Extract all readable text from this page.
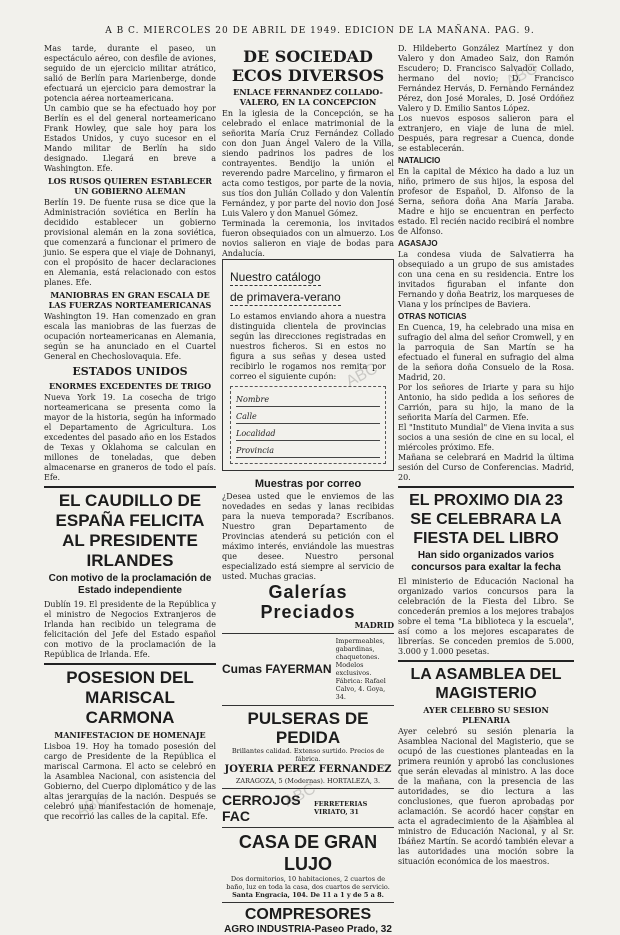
A B C. MIERCOLES 20 DE ABRIL DE 1949. EDICION DE LA MAÑANA. PAG. 9.

Mas tarde, durante el paseo, un espectáculo aéreo, con desfile de aviones, seguido de un ejercicio militar atrático, salió de Berlín para Marienberge, donde efectuará un ejercicio para demostrar la potencia aérea norteamericana.

Un cambio que se ha efectuado hoy por Berlín es el del general norteamericano Frank Howley, que sale hoy para los Estados Unidos, y cuyo sucesor en el Mando militar de Berlín ha sido designado. Llegará en breve a Washington. Efe.

LOS RUSOS QUIEREN ESTABLECER UN GOBIERNO ALEMAN

Berlín 19. De fuente rusa se dice que la Administración soviética en Berlín ha decidido establecer un gobierno provisional alemán en la zona soviética, que comenzará a funcionar el primero de junio. Se espera que el viaje de Dohnanyi, con el propósito de hacer declaraciones en Alemania, está relacionado con estos planes. Efe.

MANIOBRAS EN GRAN ESCALA DE LAS FUERZAS NORTEAMERICANAS

Washington 19. Han comenzado en gran escala las maniobras de las fuerzas de ocupación norteamericanas en Alemania, según se ha anunciado en el Cuartel General en Chechoslovaquia. Efe.

ESTADOS UNIDOS
ENORMES EXCEDENTES DE TRIGO

Nueva York 19. La cosecha de trigo norteamericana se presenta como la mayor de la historia, según ha informado el Departamento de Agricultura. Los excedentes del pasado año en los Estados de Texas y Oklahoma se calculan en millones de toneladas, que deben almacenarse en graneros de todo el país. Efe.

EL CAUDILLO DE ESPAÑA FELICITA AL PRESIDENTE IRLANDES
Con motivo de la proclamación de Estado independiente

Dublín 19. El presidente de la República y el ministro de Negocios Extranjeros de Irlanda han recibido un telegrama de felicitación del Jefe del Estado español con motivo de la proclamación de la República de Irlanda. Efe.

POSESION DEL MARISCAL CARMONA
MANIFESTACION DE HOMENAJE

Lisboa 19. Hoy ha tomado posesión del cargo de Presidente de la República el mariscal Carmona. El acto se celebró en la Asamblea Nacional, con asistencia del Gobierno, del Cuerpo diplomático y de las altas jerarquías de la nación. Después se celebró una manifestación de homenaje, que recorrió las calles de la capital. Efe.

DE SOCIEDAD ECOS DIVERSOS
ENLACE FERNANDEZ COLLADO-VALERO, EN LA CONCEPCION

En la iglesia de la Concepción, se ha celebrado el enlace matrimonial de la señorita María Cruz Fernández Collado con don Juan Ángel Valero de la Villa, siendo padrinos los padres de los contrayentes. Bendijo la unión el reverendo padre Marcelino, y firmaron el acta como testigos, por parte de la novia, sus tíos don Julián Collado y don Valentín Fernández, y por parte del novio don José Luis Valero y don Manuel Gómez.

Terminada la ceremonia, los invitados fueron obsequiados con un almuerzo. Los novios salieron en viaje de bodas para Andalucía.

Nuestro catálogo
de primavera-verano

Lo estamos enviando ahora a nuestra distinguida clientela de provincias según las direcciones registradas en nuestros ficheros. Si en estos no figura a sus señas y desea usted recibirlo le rogamos nos remita por correo el siguiente cupón:

Nombre
Calle
Localidad
Provincia
Muestras por correo

¿Desea usted que le enviemos de las novedades en sedas y lanas recibidas para la nueva temporada? Escríbanos. Nuestro gran Departamento de Provincias atenderá su petición con el máximo interés, enviándole las muestras que desee. Nuestro personal especializado está siempre al servicio de usted. Muchas gracias.

Galerías Preciados
MADRID
Cumas FAYERMAN
Impermeables, gabardinas, chaquetones. Modelos exclusivos. Fábrica: Rafael Calvo, 4. Goya, 34.
PULSERAS DE PEDIDA
Brillantes calidad. Extenso surtido. Precios de fábrica.
JOYERIA PEREZ FERNANDEZ
ZARAGOZA, 5 (Modernas). HORTALEZA, 3.
CERROJOS FAC
FERRETERIAS VIRIATO, 31
CASA DE GRAN LUJO
Dos dormitorios, 10 habitaciones, 2 cuartos de baño, luz en toda la casa, dos cuartos de servicio.
Santa Engracia, 104. De 11 a 1 y de 5 a 8.
COMPRESORES
AGRO INDUSTRIA-Paseo Prado, 32

D. Hildeberto González Martínez y don Valero y don Amadeo Saiz, don Ramón Escudero; D. Francisco Salvador Collado, hermano del novio; D. Francisco Fernández Hervás, D. Fernando Fernández Pérez, don José Morales, D. José Ordóñez Valero y D. Emilio Santos López.

Los nuevos esposos salieron para el extranjero, en viaje de luna de miel. Después, para regresar a Cuenca, donde se establecerán.

NATALICIO

En la capital de México ha dado a luz un niño, primero de sus hijos, la esposa del profesor de Español, D. Alfonso de la Serna, señora doña Ana María Jaraba. Madre e hijo se encuentran en perfecto estado. El recién nacido recibirá el nombre de Alfonso.

AGASAJO

La condesa viuda de Salvatierra ha obsequiado a un grupo de sus amistades con una cena en su residencia. Entre los invitados figuraban el infante don Fernando y doña Beatriz, los marqueses de Viana y los príncipes de Baviera.

OTRAS NOTICIAS

En Cuenca, 19, ha celebrado una misa en sufragio del alma del señor Cromwell, y en la parroquia de San Martín se ha efectuado el funeral en sufragio del alma de la señora doña Consuelo de la Rosa. Madrid, 20.

Por los señores de Iriarte y para su hijo Antonio, ha sido pedida a los señores de Carrión, para su hijo, la mano de la señorita María del Carmen. Efe.

El "Instituto Mundial" de Viena invita a sus socios a una sesión de cine en su local, el miércoles próximo. Efe.

Mañana se celebrará en Madrid la última sesión del Curso de Conferencias. Madrid, 20.

EL PROXIMO DIA 23 SE CELEBRARA LA FIESTA DEL LIBRO
Han sido organizados varios concursos para exaltar la fecha

El ministerio de Educación Nacional ha organizado varios concursos para la celebración de la Fiesta del Libro. Se concederán premios a los mejores trabajos sobre el tema "La biblioteca y la escuela", así como a los mejores escaparates de librerías. Se conceden premios de 5.000, 3.000 y 1.000 pesetas.

LA ASAMBLEA DEL MAGISTERIO
AYER CELEBRO SU SESION PLENARIA

Ayer celebró su sesión plenaria la Asamblea Nacional del Magisterio, que se ocupó de las cuestiones planteadas en la primera reunión y aprobó las conclusiones que serán elevadas al ministro. A las doce de la mañana, con la presencia de las autoridades, se dio lectura a las conclusiones, que fueron aprobadas por aclamación. Se acordó hacer constar en acta el agradecimiento de la Asamblea al ministro de Educación Nacional, y al Sr. Ibáñez Martín. Se acordó también elevar a las autoridades una moción sobre la situación económica de los maestros.

ABC	ABC
ABC
ABC
ABC
